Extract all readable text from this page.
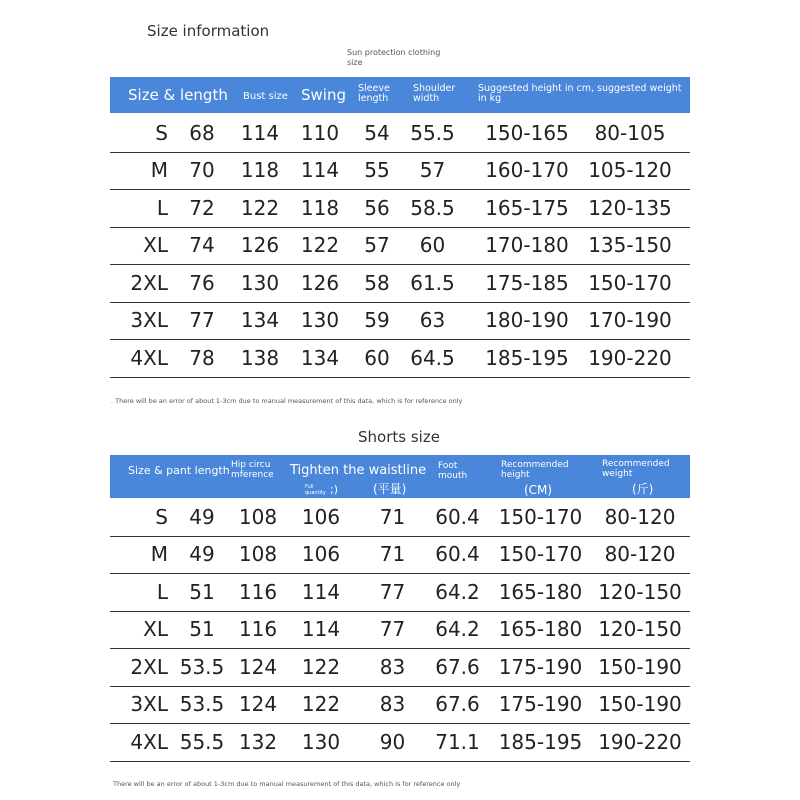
Size information
Sun protection clothing size
Size & length Bust size Swing Sleeve length
Shoulder width
Suggested height in cm, suggested weight in kg
S	68	114 110	54	55.5	150-165	80-105
M	70	118 114	55	57	160-170 105-120
L	72	122 118	56	58.5	165-175 120-135
XL	74	126 122	57	60	170-180 135-150
2XL	76	130 126	58	61.5	175-185 150-170
3XL	77	134 130	59	63	180-190 170-190
4XL	78	138 134	60	64.5	185-195 190-220
. There will be an error of about 1-3cm due to manual measurement of this data, which is for reference only
Shorts size
Size & pant length Hip circu mference Tighten the waistline
Full quantity ;)	(平量)
Foot mouth
Recommended height
(CM)
Recommended weight
(斤)
S	49	108	106	71	60.4 150-170	80-120
M	49	108	106	71	60.4 150-170	80-120
L	51	116	114	77	64.2 165-180 120-150
XL	51	116	114	77	64.2 165-180 120-150
2XL 53.5 124	122	83	67.6 175-190 150-190
3XL 53.5 124	122	83	67.6 175-190 150-190
4XL 55.5 132	130	90	71.1 185-195 190-220
There will be an error of about 1-3cm due to manual measurement of this data, which is for reference only
